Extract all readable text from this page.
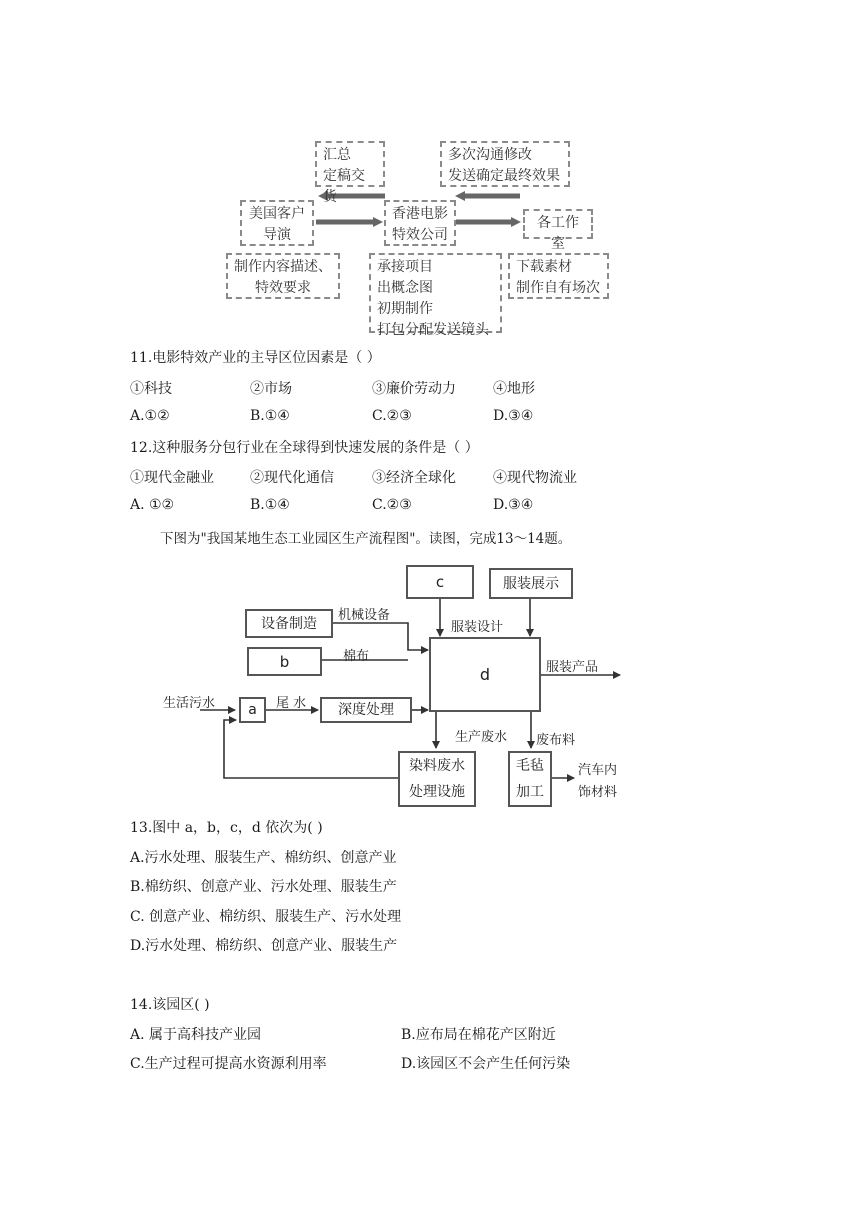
汇总
定稿交货
多次沟通修改
发送确定最终效果
美国客户
导演
香港电影
特效公司
各工作室
制作内容描述、
特效要求
承接项目
出概念图
初期制作
打包分配发送镜头
下载素材
制作自有场次
11.电影特效产业的主导区位因素是（ ）
①科技	②市场	③廉价劳动力	④地形
A.①②	B.①④	C.②③	D.③④
12.这种服务分包行业在全球得到快速发展的条件是（ ）
①现代金融业	②现代化通信	③经济全球化	④现代物流业
A. ①②	B.①④	C.②③	D.③④
下图为"我国某地生态工业园区生产流程图"。读图，完成13～14题。
c	服装展示
设备制造
b
d
a	深度处理
染料废水
处理设施
毛毡
加工
机械设备
棉布
服装设计
服装产品
生活污水	尾 水
生产废水 废布料
汽车内
饰材料
13.图中 a，b，c，d 依次为( )
A.污水处理、服装生产、棉纺织、创意产业
B.棉纺织、创意产业、污水处理、服装生产
C. 创意产业、棉纺织、服装生产、污水处理
D.污水处理、棉纺织、创意产业、服装生产
14.该园区( )
A. 属于高科技产业园	B.应布局在棉花产区附近
C.生产过程可提高水资源利用率	D.该园区不会产生任何污染
